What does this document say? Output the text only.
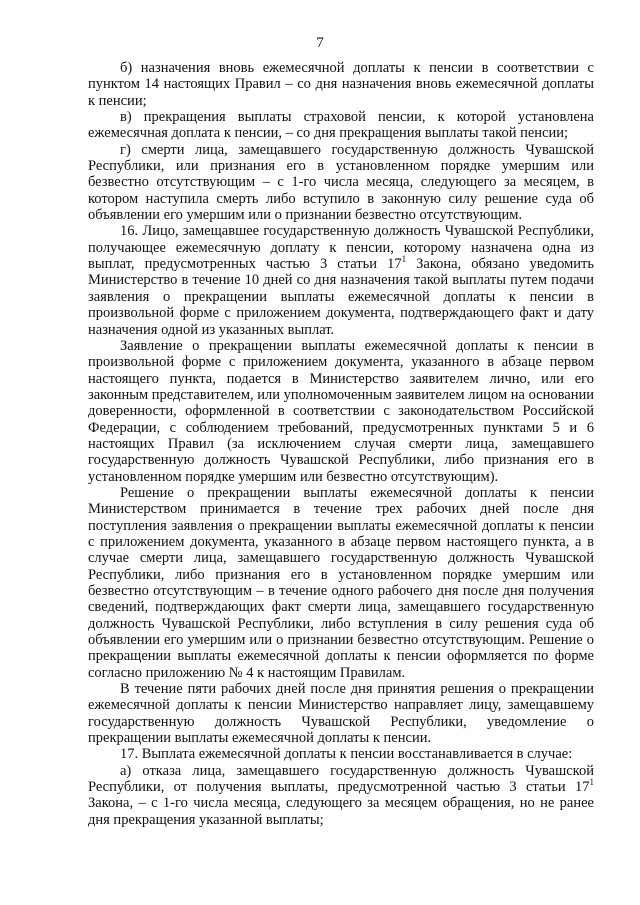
7

б) назначения вновь ежемесячной доплаты к пенсии в соответствии с пунктом 14 настоящих Правил – со дня назначения вновь ежемесячной доплаты к пенсии;

в) прекращения выплаты страховой пенсии, к которой установлена ежемесячная доплата к пенсии, – со дня прекращения выплаты такой пенсии;

г) смерти лица, замещавшего государственную должность Чувашской Республики, или признания его в установленном порядке умершим или безвестно отсутствующим – с 1-го числа месяца, следующего за месяцем, в котором наступила смерть либо вступило в законную силу решение суда об объявлении его умершим или о признании безвестно отсутствующим.

16. Лицо, замещавшее государственную должность Чувашской Республики, получающее ежемесячную доплату к пенсии, которому назначена одна из выплат, предусмотренных частью 3 статьи $17^1$ Закона, обязано уведомить Министерство в течение 10 дней со дня назначения такой выплаты путем подачи заявления о прекращении выплаты ежемесячной доплаты к пенсии в произвольной форме с приложением документа, подтверждающего факт и дату назначения одной из указанных выплат.

Заявление о прекращении выплаты ежемесячной доплаты к пенсии в произвольной форме с приложением документа, указанного в абзаце первом настоящего пункта, подается в Министерство заявителем лично, или его законным представителем, или уполномоченным заявителем лицом на основании доверенности, оформленной в соответствии с законодательством Российской Федерации, с соблюдением требований, предусмотренных пунктами 5 и 6 настоящих Правил (за исключением случая смерти лица, замещавшего государственную должность Чувашской Республики, либо признания его в установленном порядке умершим или безвестно отсутствующим).

Решение о прекращении выплаты ежемесячной доплаты к пенсии Министерством принимается в течение трех рабочих дней после дня поступления заявления о прекращении выплаты ежемесячной доплаты к пенсии с приложением документа, указанного в абзаце первом настоящего пункта, а в случае смерти лица, замещавшего государственную должность Чувашской Республики, либо признания его в установленном порядке умершим или безвестно отсутствующим – в течение одного рабочего дня после дня получения сведений, подтверждающих факт смерти лица, замещавшего государственную должность Чувашской Республики, либо вступления в силу решения суда об объявлении его умершим или о признании безвестно отсутствующим. Решение о прекращении выплаты ежемесячной доплаты к пенсии оформляется по форме согласно приложению № 4 к настоящим Правилам.

В течение пяти рабочих дней после дня принятия решения о прекращении ежемесячной доплаты к пенсии Министерство направляет лицу, замещавшему государственную должность Чувашской Республики, уведомление о прекращении выплаты ежемесячной доплаты к пенсии.

17. Выплата ежемесячной доплаты к пенсии восстанавливается в случае:

а) отказа лица, замещавшего государственную должность Чувашской Республики, от получения выплаты, предусмотренной частью 3 статьи $17^1$ Закона, – с 1-го числа месяца, следующего за месяцем обращения, но не ранее дня прекращения указанной выплаты;
